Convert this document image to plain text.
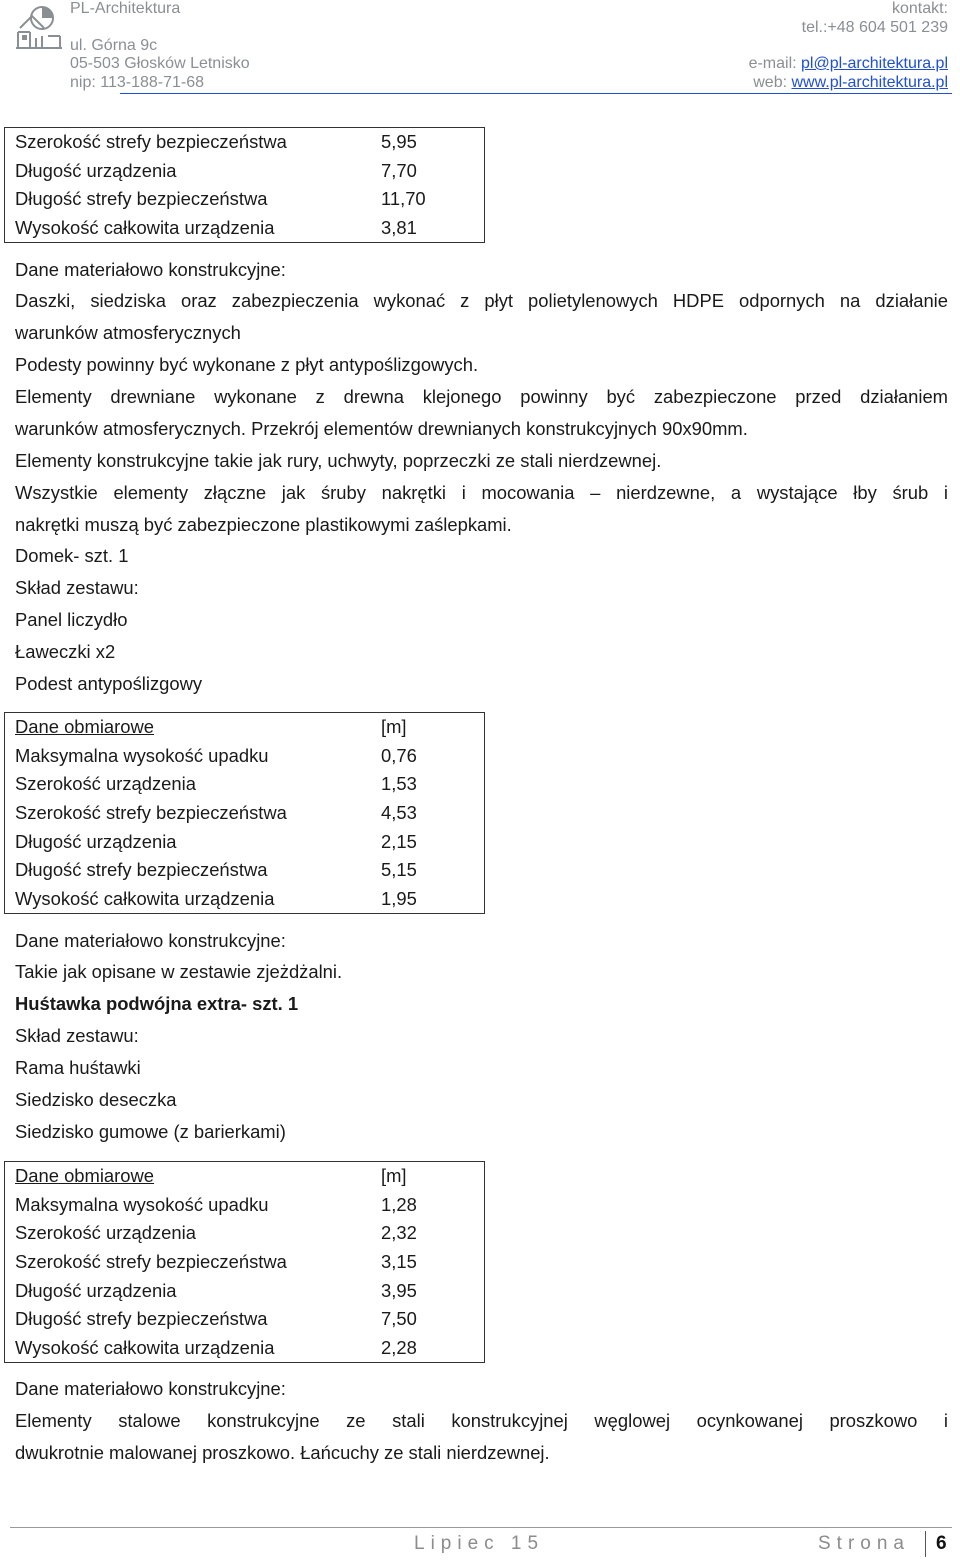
PL-Architektura
ul. Górna 9c
05-503 Głosków Letnisko
nip: 113-188-71-68
kontakt:
tel.:+48 604 501 239
e-mail: pl@pl-architektura.pl
web: www.pl-architektura.pl
Szerokość strefy bezpieczeństwa	5,95
Długość urządzenia	7,70
Długość strefy bezpieczeństwa	11,70
Wysokość całkowita urządzenia	3,81
Dane materiałowo konstrukcyjne:
Daszki, siedziska oraz zabezpieczenia wykonać z płyt polietylenowych HDPE odpornych na działanie
warunków atmosferycznych
Podesty powinny być wykonane z płyt antypoślizgowych.
Elementy drewniane wykonane z drewna klejonego powinny być zabezpieczone przed działaniem
warunków atmosferycznych. Przekrój elementów drewnianych konstrukcyjnych 90x90mm.
Elementy konstrukcyjne takie jak rury, uchwyty, poprzeczki ze stali nierdzewnej.
Wszystkie elementy złączne jak śruby nakrętki i mocowania – nierdzewne, a wystające łby śrub i
nakrętki muszą być zabezpieczone plastikowymi zaślepkami.
Domek- szt. 1
Skład zestawu:
Panel liczydło
Ławeczki x2
Podest antypoślizgowy
Dane obmiarowe	[m]
Maksymalna wysokość upadku	0,76
Szerokość urządzenia	1,53
Szerokość strefy bezpieczeństwa	4,53
Długość urządzenia	2,15
Długość strefy bezpieczeństwa	5,15
Wysokość całkowita urządzenia	1,95
Dane materiałowo konstrukcyjne:
Takie jak opisane w zestawie zjeżdżalni.
Huśtawka podwójna extra- szt. 1
Skład zestawu:
Rama huśtawki
Siedzisko deseczka
Siedzisko gumowe (z barierkami)
Dane obmiarowe	[m]
Maksymalna wysokość upadku	1,28
Szerokość urządzenia	2,32
Szerokość strefy bezpieczeństwa	3,15
Długość urządzenia	3,95
Długość strefy bezpieczeństwa	7,50
Wysokość całkowita urządzenia	2,28
Dane materiałowo konstrukcyjne:
Elementy stalowe konstrukcyjne ze stali konstrukcyjnej węglowej ocynkowanej proszkowo i
dwukrotnie malowanej proszkowo. Łańcuchy ze stali nierdzewnej.
Lipiec 15	Strona 6
